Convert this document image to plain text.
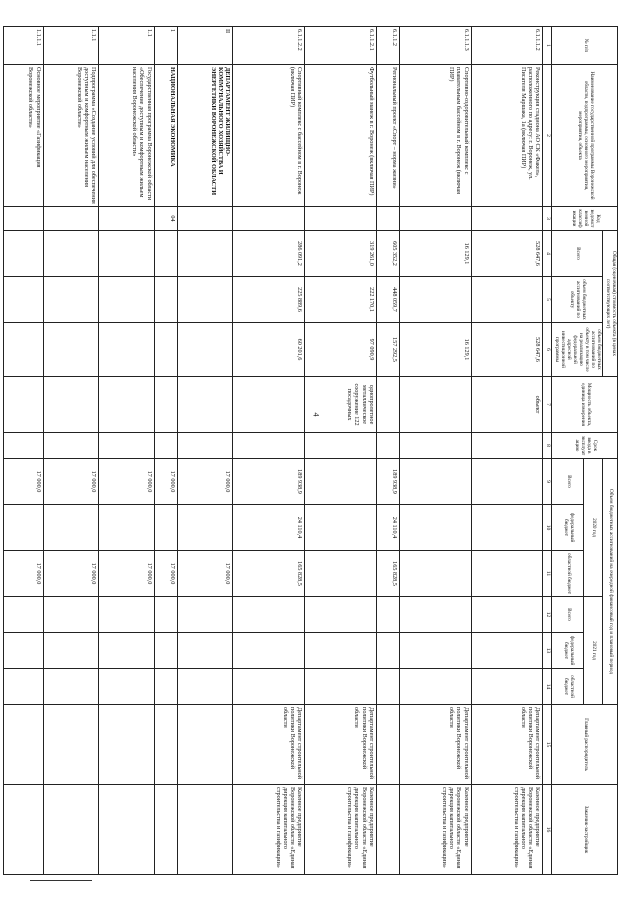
4
№ п/п	Наименование государственной программы Воронежской области, подпрограммы, основного мероприятия, мероприятия, объекта	Код ведомственной классификации	Общая (оценочная) стоимость объекта (в ценах соответствующих лет)			Мощность объекта, единица измерения	Срок ввода в эксплуатацию	Объем бюджетных ассигнований на очередной финансовый год и плановый период						Главный распорядитель	Заказчик-застройщик
			Всего	объем бюджетных ассигнований по объекту	объем бюджетных ассигнований по объекту в том числе на реализацию федеральной адресной инвестиционной программы			2020 год			2021 год				
								Всего	федеральный бюджет	областной бюджет	Всего	федеральный бюджет	областной бюджет		
1	2	3	4	5	6	7	8	9	10	11	12	13	14	15	16
6.1.1.1.2	Реконструкция стадиона АО СК «Факел», расположенного по адресу: г. Воронеж, ул. Писателя Маршака, 1а (включая ПИР)		528 647,6		528 647,6	объект								Департамент строительной политики Воронежской области	Казенное предприятие Воронежской области «Единая дирекция капитального строительства и газификации»
6.1.1.1.3	Спортивно-оздоровительный комплекс с плавательным бассейном в г. Воронеж (включая ПИР)		16 129,1		16 129,1									Департамент строительной политики Воронежской области	Казенное предприятие Воронежской области «Единая дирекция капитального строительства и газификации»
6.1.1.2	Региональный проект «Спорт – норма жизни»		605 352,2	448 059,7	157 292,5			189 938,9	24 110,4	165 828,5					
6.1.1.2.1	Футбольный манеж в г. Воронеж (включая ПИР)		319 261,0	222 170,1	97 090,9	однопролетное металлическое сооружение 122 посадочных								Департамент строительной политики Воронежской области	Казенное предприятие Воронежской области «Единая дирекция капитального строительства и газификации»
6.1.1.2.2	Спортивный комплекс с бассейном в г. Воронеж (включая ПИР)		286 091,2	225 889,6	60 201,6			189 938,9	24 110,4	165 828,5				Департамент строительной политики Воронежской области	Казенное предприятие Воронежской области «Единая дирекция капитального строительства и газификации»
II	ДЕПАРТАМЕНТ ЖИЛИЩНО-КОММУНАЛЬНОГО ХОЗЯЙСТВА И ЭНЕРГЕТИКИ ВОРОНЕЖСКОЙ ОБЛАСТИ							17 000,0		17 000,0					
1	НАЦИОНАЛЬНАЯ ЭКОНОМИКА	04						17 000,0		17 000,0					
1.1	Государственная программа Воронежской области «Обеспечение доступным и комфортным жильем населения Воронежской области»							17 000,0		17 000,0					
1.1.1	Подпрограмма «Создание условий для обеспечения доступным и комфортным жильем населения Воронежской области»							17 000,0		17 000,0					
1.1.1.1	Основное мероприятие «Газификация Воронежской области»							17 000,0		17 000,0					
